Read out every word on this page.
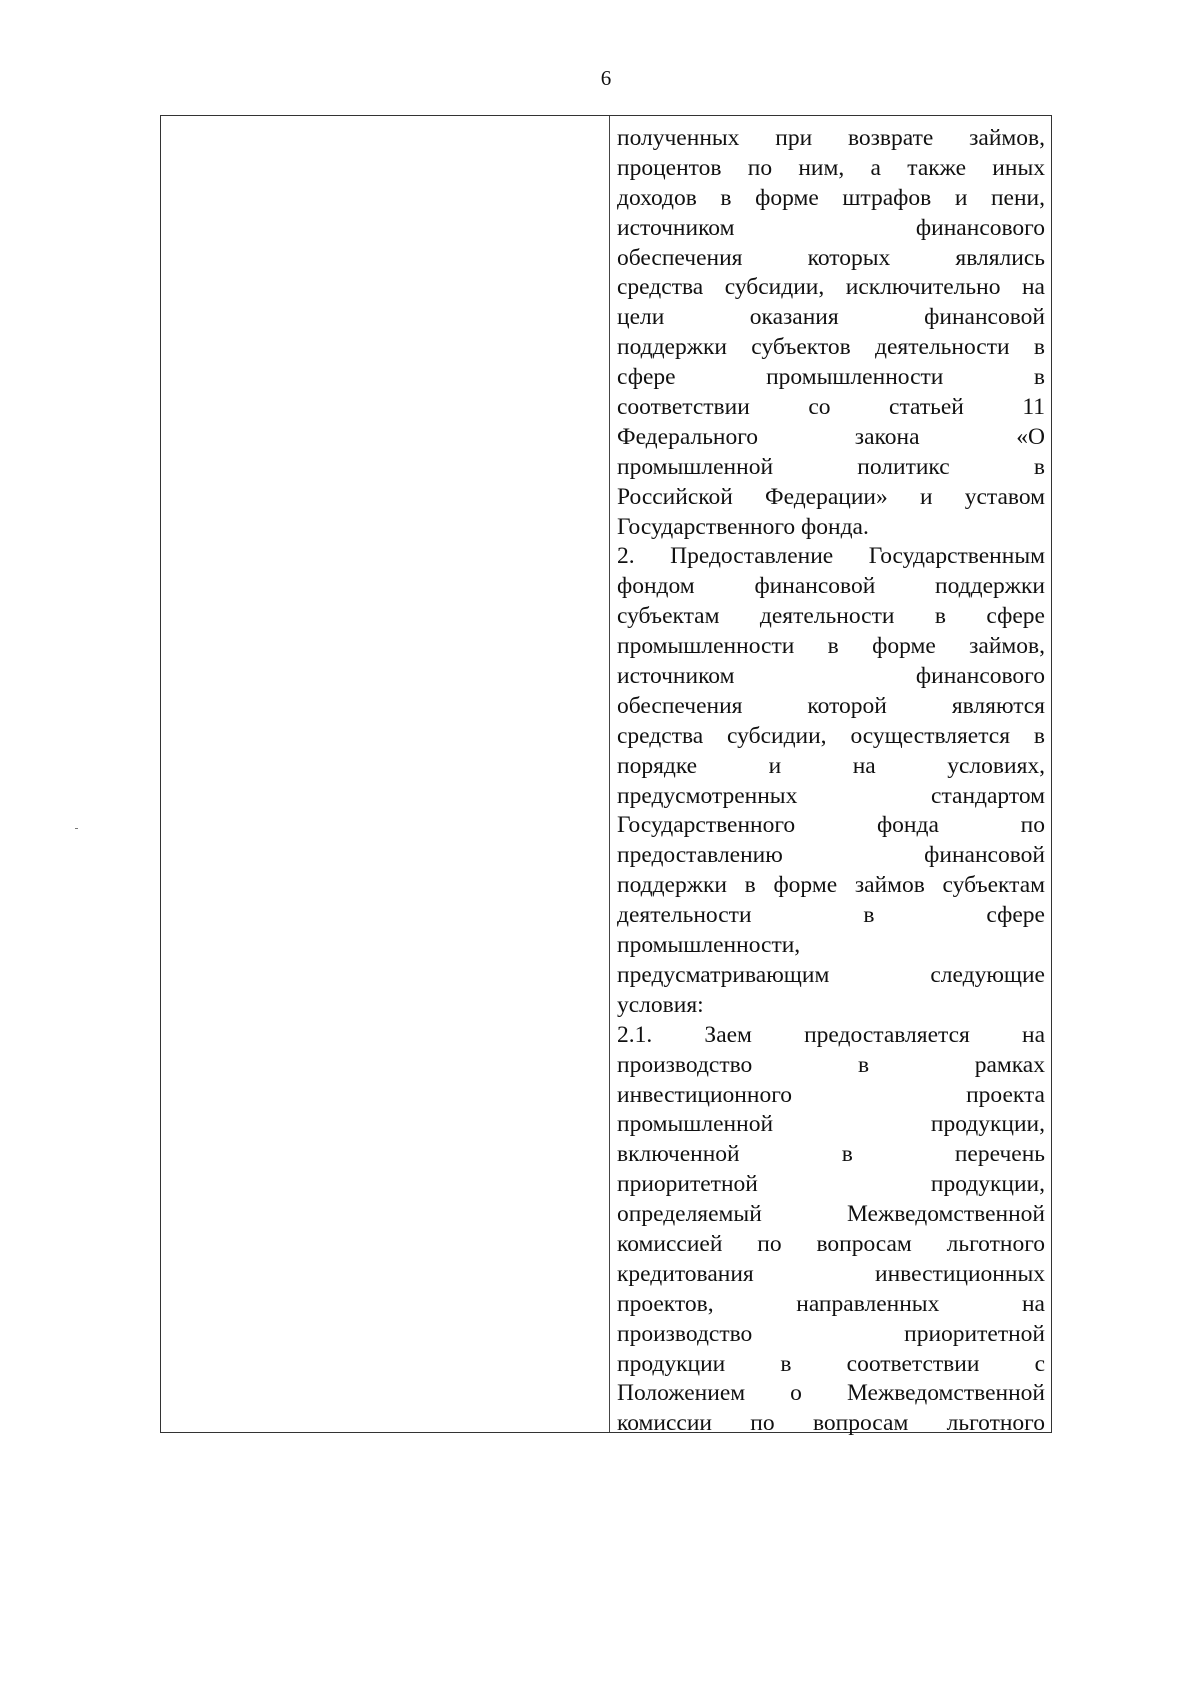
6
полученных при возврате займов,
процентов по ним, а также иных
доходов в форме штрафов и пени,
источником финансового
обеспечения которых являлись
средства субсидии, исключительно на
цели оказания финансовой
поддержки субъектов деятельности в
сфере промышленности в
соответствии со статьей 11
Федерального закона «О
промышленной политикс в
Российской Федерации» и уставом
Государственного фонда.
2. Предоставление Государственным
фондом финансовой поддержки
субъектам деятельности в сфере
промышленности в форме займов,
источником финансового
обеспечения которой являются
средства субсидии, осуществляется в
порядке и на условиях,
предусмотренных стандартом
Государственного фонда по
предоставлению финансовой
поддержки в форме займов субъектам
деятельности в сфере
промышленности,
предусматривающим следующие
условия:
2.1. Заем предоставляется на
производство в рамках
инвестиционного проекта
промышленной продукции,
включенной в перечень
приоритетной продукции,
определяемый Межведомственной
комиссией по вопросам льготного
кредитования инвестиционных
проектов, направленных на
производство приоритетной
продукции в соответствии с
Положением о Межведомственной
комиссии по вопросам льготного
